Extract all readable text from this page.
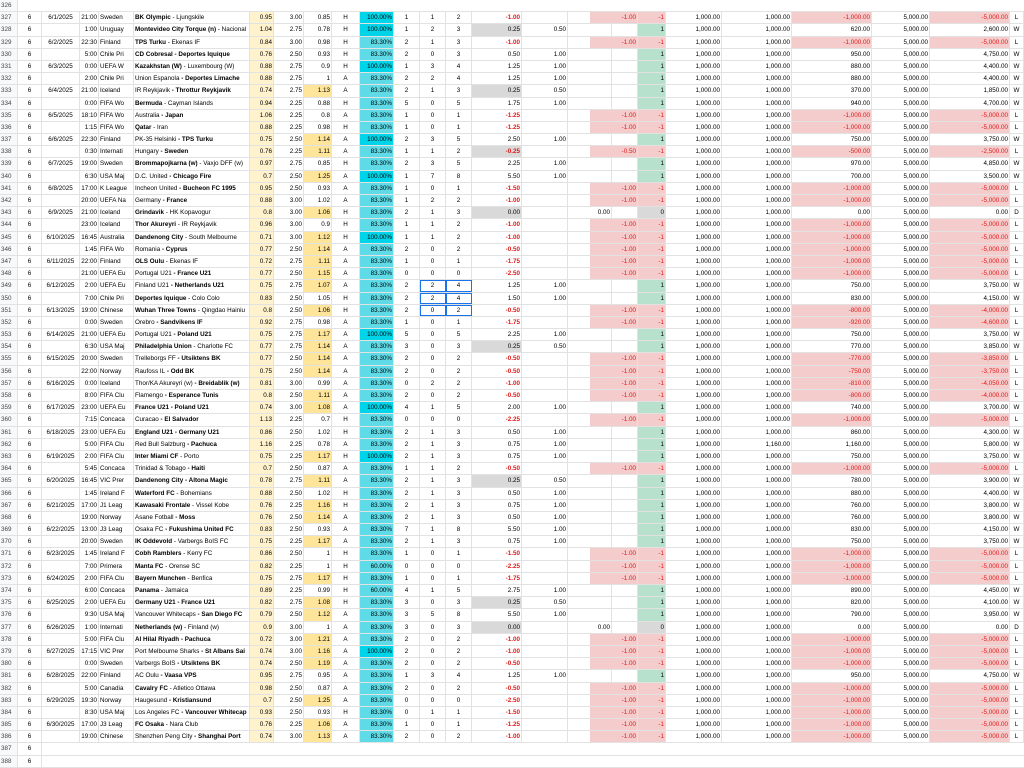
326
327	6	6/1/2025	21:00 Sweden	BK Olympic - Ljungskile	0.95	3.00	0.85	H	100.00%	1	1	2	-1.00	-1.00	-1	1,000.00	1,000.00	-1,000.00	5,000.00	-5,000.00	L
328	6	1:00 Uruguay	Montevideo City Torque (n) - Nacional	1.04	2.75	0.78	H	100.00%	1	2	3	0.25	0.50	1	1,000.00	1,000.00	620.00	5,000.00	2,600.00 W
329	6	6/2/2025	22:30 Finland	TPS Turku - Ekenas IF	0.84	3.00	0.98	H	83.30%	2	1	3	-1.00	-1.00	-1	1,000.00	1,000.00	-1,000.00	5,000.00	-5,000.00	L
330	6	5:00 Chile Pri	CD Cobresal - Deportes Iquique	0.76	2.50	0.93	H	83.30%	2	0	3	0.50	1.00	1	1,000.00	1,000.00	950.00	5,000.00	4,750.00 W
331	6	6/3/2025	0:00 UEFA W	Kazakhstan (W) - Luxembourg (W)	0.88	2.75	0.9	H	100.00%	1	3	4	1.25	1.00	1	1,000.00	1,000.00	880.00	5,000.00	4,400.00 W
332	6	2:00 Chile Pri	Union Espanola - Deportes Limache	0.88	2.75	1	A	83.30%	2	2	4	1.25	1.00	1	1,000.00	1,000.00	880.00	5,000.00	4,400.00 W
333	6	6/4/2025	21:00 Iceland	IR Reykjavik - Throttur Reykjavik	0.74	2.75	1.13	A	83.30%	2	1	3	0.25	0.50	1	1,000.00	1,000.00	370.00	5,000.00	1,850.00 W
334	6	0:00 FIFA Wo	Bermuda - Cayman Islands	0.94	2.25	0.88	H	83.30%	5	0	5	1.75	1.00	1	1,000.00	1,000.00	940.00	5,000.00	4,700.00 W
335	6	6/5/2025	18:10 FIFA Wo	Australia - Japan	1.06	2.25	0.8	A	83.30%	1	0	1	-1.25	-1.00	-1	1,000.00	1,000.00	-1,000.00	5,000.00	-5,000.00	L
336	6	1:15 FIFA Wo	Qatar - Iran	0.88	2.25	0.98	H	83.30%	1	0	1	-1.25	-1.00	-1	1,000.00	1,000.00	-1,000.00	5,000.00	-5,000.00	L
337	6	6/6/2025	22:30 Finland	PK-35 Helsinki - TPS Turku	0.75	2.50	1.14	A	100.00%	2	3	5	2.50	1.00	1	1,000.00	1,000.00	750.00	5,000.00	3,750.00 W
338	6	0:30 Internati	Hungary - Sweden	0.76	2.25	1.11	A	83.30%	1	1	2	-0.25	-0.50	-1	1,000.00	1,000.00	-500.00	5,000.00	-2,500.00	L
339	6	6/7/2025	19:00 Sweden	Brommapojkarna (w) - Vaxjo DFF (w)	0.97	2.75	0.85	H	83.30%	2	3	5	2.25	1.00	1	1,000.00	1,000.00	970.00	5,000.00	4,850.00 W
340	6	6:30 USA Maj	D.C. United - Chicago Fire	0.7	2.50	1.25	A	100.00%	1	7	8	5.50	1.00	1	1,000.00	1,000.00	700.00	5,000.00	3,500.00 W
341	6	6/8/2025	17:00 K League	Incheon United - Bucheon FC 1995	0.95	2.50	0.93	A	83.30%	1	0	1	-1.50	-1.00	-1	1,000.00	1,000.00	-1,000.00	5,000.00	-5,000.00	L
342	6	20:00 UEFA Na	Germany - France	0.88	3.00	1.02	A	83.30%	1	2	2	-1.00	-1.00	-1	1,000.00	1,000.00	-1,000.00	5,000.00	-5,000.00	L
343	6	6/9/2025	21:00 Iceland	Grindavik - HK Kopavogur	0.8	3.00	1.06	H	83.30%	2	1	3	0.00	0.00	0	1,000.00	1,000.00	0.00	5,000.00	0.00 D
344	6	23:00 Iceland	Thor Akureyri - IR Reykjavik	0.96	3.00	0.9	H	83.30%	1	1	2	-1.00	-1.00	-1	1,000.00	1,000.00	-1,000.00	5,000.00	-5,000.00	L
345	6	6/10/2025	16:45 Australia	Dandenong City - South Melbourne	0.71	3.00	1.12	H	100.00%	1	1	2	-1.00	-1.00	-1	1,000.00	1,000.00	-1,000.00	5,000.00	-5,000.00	L
346	6	1:45 FIFA Wo	Romania - Cyprus	0.77	2.50	1.14	A	83.30%	2	0	2	-0.50	-1.00	-1	1,000.00	1,000.00	-1,000.00	5,000.00	-5,000.00	L
347	6	6/11/2025	22:00 Finland	OLS Oulu - Ekenas IF	0.72	2.75	1.11	A	83.30%	1	0	1	-1.75	-1.00	-1	1,000.00	1,000.00	-1,000.00	5,000.00	-5,000.00	L
348	6	21:00 UEFA Eu	Portugal U21 - France U21	0.77	2.50	1.15	A	83.30%	0	0	0	-2.50	-1.00	-1	1,000.00	1,000.00	-1,000.00	5,000.00	-5,000.00	L
349	6	6/12/2025	2:00 UEFA Eu	Finland U21 - Netherlands U21	0.75	2.75	1.07	A	83.30%	2	2	4	1.25	1.00	1	1,000.00	1,000.00	750.00	5,000.00	3,750.00 W
350	6	7:00 Chile Pri	Deportes Iquique - Colo Colo	0.83	2.50	1.05	H	83.30%	2	2	4	1.50	1.00	1	1,000.00	1,000.00	830.00	5,000.00	4,150.00 W
351	6	6/13/2025	19:00 Chinese	Wuhan Three Towns - Qingdao Hainiu	0.8	2.50	1.06	H	83.30%	2	0	2	-0.50	-1.00	-1	1,000.00	1,000.00	-800.00	5,000.00	-4,000.00	L
352	6	0:00 Sweden	Orebro - Sandvikens IF	0.92	2.75	0.98	A	83.30%	1	0	1	-1.75	-1.00	-1	1,000.00	1,000.00	-920.00	5,000.00	-4,600.00	L
353	6	6/14/2025	21:00 UEFA Eu	Portugal U21 - Poland U21	0.75	2.75	1.17	A	100.00%	5	0	5	2.25	1.00	1	1,000.00	1,000.00	750.00	5,000.00	3,750.00 W
354	6	6:30 USA Maj	Philadelphia Union - Charlotte FC	0.77	2.75	1.14	A	83.30%	3	0	3	0.25	0.50	1	1,000.00	1,000.00	770.00	5,000.00	3,850.00 W
355	6	6/15/2025	20:00 Sweden	Trelleborgs FF - Utsiktens BK	0.77	2.50	1.14	A	83.30%	2	0	2	-0.50	-1.00	-1	1,000.00	1,000.00	-770.00	5,000.00	-3,850.00	L
356	6	22:00 Norway	Raufoss IL - Odd BK	0.75	2.50	1.14	A	83.30%	2	0	2	-0.50	-1.00	-1	1,000.00	1,000.00	-750.00	5,000.00	-3,750.00	L
357	6	6/16/2025	0:00 Iceland	Thor/KA Akureyri (w) - Breidablik (w)	0.81	3.00	0.99	A	83.30%	0	2	2	-1.00	-1.00	-1	1,000.00	1,000.00	-810.00	5,000.00	-4,050.00	L
358	6	8:00 FIFA Clu	Flamengo - Esperance Tunis	0.8	2.50	1.11	A	83.30%	2	0	2	-0.50	-1.00	-1	1,000.00	1,000.00	-800.00	5,000.00	-4,000.00	L
359	6	6/17/2025	23:00 UEFA Eu	France U21 - Poland U21	0.74	3.00	1.08	A	100.00%	4	1	5	2.00	1.00	1	1,000.00	1,000.00	740.00	5,000.00	3,700.00 W
360	6	7:15 Concaca	Curacao - El Salvador	1.13	2.25	0.7	H	83.30%	0	0	0	-2.25	-1.00	-1	1,000.00	1,000.00	-1,000.00	5,000.00	-5,000.00	L
361	6	6/18/2025	23:00 UEFA Eu	England U21 - Germany U21	0.86	2.50	1.02	H	83.30%	2	1	3	0.50	1.00	1	1,000.00	1,000.00	860.00	5,000.00	4,300.00 W
362	6	5:00 FIFA Clu	Red Bull Salzburg - Pachuca	1.16	2.25	0.78	A	83.30%	2	1	3	0.75	1.00	1	1,000.00	1,160.00	1,160.00	5,000.00	5,800.00 W
363	6	6/19/2025	2:00 FIFA Clu	Inter Miami CF - Porto	0.75	2.25	1.17	H	100.00%	2	1	3	0.75	1.00	1	1,000.00	1,000.00	750.00	5,000.00	3,750.00 W
364	6	5:45 Concaca	Trinidad & Tobago - Haiti	0.7	2.50	0.87	A	83.30%	1	1	2	-0.50	-1.00	-1	1,000.00	1,000.00	-1,000.00	5,000.00	-5,000.00	L
365	6	6/20/2025	16:45 VIC Prer	Dandenong City - Altona Magic	0.78	2.75	1.11	A	83.30%	2	1	3	0.25	0.50	1	1,000.00	1,000.00	780.00	5,000.00	3,900.00 W
366	6	1:45 Ireland F	Waterford FC - Bohemians	0.88	2.50	1.02	H	83.30%	2	1	3	0.50	1.00	1	1,000.00	1,000.00	880.00	5,000.00	4,400.00 W
367	6	6/21/2025	17:00 J1 Leag	Kawasaki Frontale - Vissel Kobe	0.76	2.25	1.16	H	83.30%	2	1	3	0.75	1.00	1	1,000.00	1,000.00	760.00	5,000.00	3,800.00 W
368	6	19:00 Norway	Asane Fotball - Moss	0.76	2.50	1.14	A	83.30%	2	1	3	0.50	1.00	1	1,000.00	1,000.00	760.00	5,000.00	3,800.00 W
369	6	6/22/2025	13:00 J3 Leag	Osaka FC - Fukushima United FC	0.83	2.50	0.93	A	83.30%	7	1	8	5.50	1.00	1	1,000.00	1,000.00	830.00	5,000.00	4,150.00 W
370	6	20:00 Sweden	IK Oddevold - Varbergs BoIS FC	0.75	2.25	1.17	A	83.30%	2	1	3	0.75	1.00	1	1,000.00	1,000.00	750.00	5,000.00	3,750.00 W
371	6	6/23/2025	1:45 Ireland F	Cobh Ramblers - Kerry FC	0.86	2.50	1	H	83.30%	1	0	1	-1.50	-1.00	-1	1,000.00	1,000.00	-1,000.00	5,000.00	-5,000.00	L
372	6	7:00 Primera	Manta FC - Orense SC	0.82	2.25	1	H	60.00%	0	0	0	-2.25	-1.00	-1	1,000.00	1,000.00	-1,000.00	5,000.00	-5,000.00	L
373	6	6/24/2025	2:00 FIFA Clu	Bayern Munchen - Benfica	0.75	2.75	1.17	H	83.30%	1	0	1	-1.75	-1.00	-1	1,000.00	1,000.00	-1,000.00	5,000.00	-5,000.00	L
374	6	6:00 Concaca	Panama - Jamaica	0.89	2.25	0.99	H	60.00%	4	1	5	2.75	1.00	1	1,000.00	1,000.00	890.00	5,000.00	4,450.00 W
375	6	6/25/2025	2:00 UEFA Eu	Germany U21 - France U21	0.82	2.75	1.08	H	83.30%	3	0	3	0.25	0.50	1	1,000.00	1,000.00	820.00	5,000.00	4,100.00 W
376	6	9:30 USA Maj	Vancouver Whitecaps - San Diego FC	0.79	2.50	1.12	A	83.30%	3	5	8	5.50	1.00	1	1,000.00	1,000.00	790.00	5,000.00	3,950.00 W
377	6	6/26/2025	1:00 Internati	Netherlands (w) - Finland (w)	0.9	3.00	1	A	83.30%	3	0	3	0.00	0.00	0	1,000.00	1,000.00	0.00	5,000.00	0.00 D
378	6	5:00 FIFA Clu	Al Hilal Riyadh - Pachuca	0.72	3.00	1.21	A	83.30%	2	0	2	-1.00	-1.00	-1	1,000.00	1,000.00	-1,000.00	5,000.00	-5,000.00	L
379	6	6/27/2025	17:15 VIC Prer	Port Melbourne Sharks - St Albans Sai	0.74	3.00	1.16	A	100.00%	2	0	2	-1.00	-1.00	-1	1,000.00	1,000.00	-1,000.00	5,000.00	-5,000.00	L
380	6	0:00 Sweden	Varbergs BoIS - Utsiktens BK	0.74	2.50	1.19	A	83.30%	2	0	2	-0.50	-1.00	-1	1,000.00	1,000.00	-1,000.00	5,000.00	-5,000.00	L
381	6	6/28/2025	22:00 Finland	AC Oulu - Vaasa VPS	0.95	2.75	0.95	A	83.30%	1	3	4	1.25	1.00	1	1,000.00	1,000.00	950.00	5,000.00	4,750.00 W
382	6	5:00 Canadia	Cavalry FC - Atletico Ottawa	0.98	2.50	0.87	A	83.30%	2	0	2	-0.50	-1.00	-1	1,000.00	1,000.00	-1,000.00	5,000.00	-5,000.00	L
383	6	6/29/2025	19:30 Norway	Haugesund - Kristiansund	0.7	2.50	1.25	A	83.30%	0	0	0	-2.50	-1.00	-1	1,000.00	1,000.00	-1,000.00	5,000.00	-5,000.00	L
384	6	8:30 USA Maj	Los Angeles FC - Vancouver Whitecap	0.93	2.50	0.93	H	83.30%	0	1	1	-1.50	-1.00	-1	1,000.00	1,000.00	-1,000.00	5,000.00	-5,000.00	L
385	6	6/30/2025	17:00 J3 Leag	FC Osaka - Nara Club	0.76	2.25	1.06	A	83.30%	1	0	1	-1.25	-1.00	-1	1,000.00	1,000.00	-1,000.00	5,000.00	-5,000.00	L
386	6	19:00 Chinese	Shenzhen Peng City - Shanghai Port	0.74	3.00	1.13	A	83.30%	2	0	2	-1.00	-1.00	-1	1,000.00	1,000.00	-1,000.00	5,000.00	-5,000.00	L
387	6
388	6
